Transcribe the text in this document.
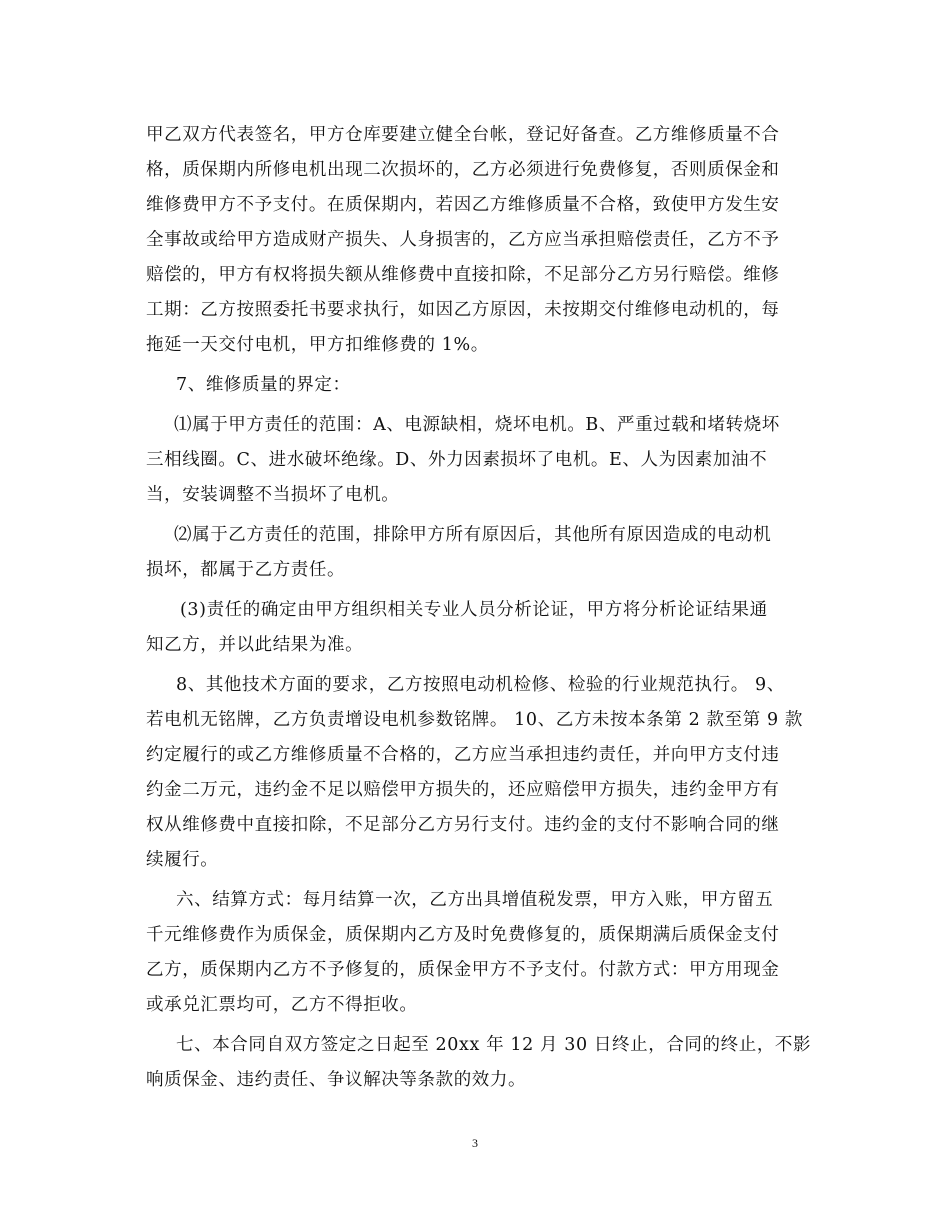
甲乙双方代表签名，甲方仓库要建立健全台帐，登记好备查。乙方维修质量不合
格，质保期内所修电机出现二次损坏的，乙方必须进行免费修复，否则质保金和
维修费甲方不予支付。在质保期内，若因乙方维修质量不合格，致使甲方发生安
全事故或给甲方造成财产损失、人身损害的，乙方应当承担赔偿责任，乙方不予
赔偿的，甲方有权将损失额从维修费中直接扣除，不足部分乙方另行赔偿。维修
工期：乙方按照委托书要求执行，如因乙方原因，未按期交付维修电动机的，每
拖延一天交付电机，甲方扣维修费的 1%。
7、维修质量的界定：
⑴属于甲方责任的范围：A、电源缺相，烧坏电机。B、严重过载和堵转烧坏
三相线圈。C、进水破坏绝缘。D、外力因素损坏了电机。E、人为因素加油不
当，安装调整不当损坏了电机。
⑵属于乙方责任的范围，排除甲方所有原因后，其他所有原因造成的电动机
损坏，都属于乙方责任。
(3)责任的确定由甲方组织相关专业人员分析论证，甲方将分析论证结果通
知乙方，并以此结果为准。
8、其他技术方面的要求，乙方按照电动机检修、检验的行业规范执行。 9、
若电机无铭牌，乙方负责增设电机参数铭牌。 10、乙方未按本条第 2 款至第 9 款
约定履行的或乙方维修质量不合格的，乙方应当承担违约责任，并向甲方支付违
约金二万元，违约金不足以赔偿甲方损失的，还应赔偿甲方损失，违约金甲方有
权从维修费中直接扣除，不足部分乙方另行支付。违约金的支付不影响合同的继
续履行。
六、结算方式：每月结算一次，乙方出具增值税发票，甲方入账，甲方留五
千元维修费作为质保金，质保期内乙方及时免费修复的，质保期满后质保金支付
乙方，质保期内乙方不予修复的，质保金甲方不予支付。付款方式：甲方用现金
或承兑汇票均可，乙方不得拒收。
七、本合同自双方签定之日起至 20xx 年 12 月 30 日终止，合同的终止，不影
响质保金、违约责任、争议解决等条款的效力。
3
